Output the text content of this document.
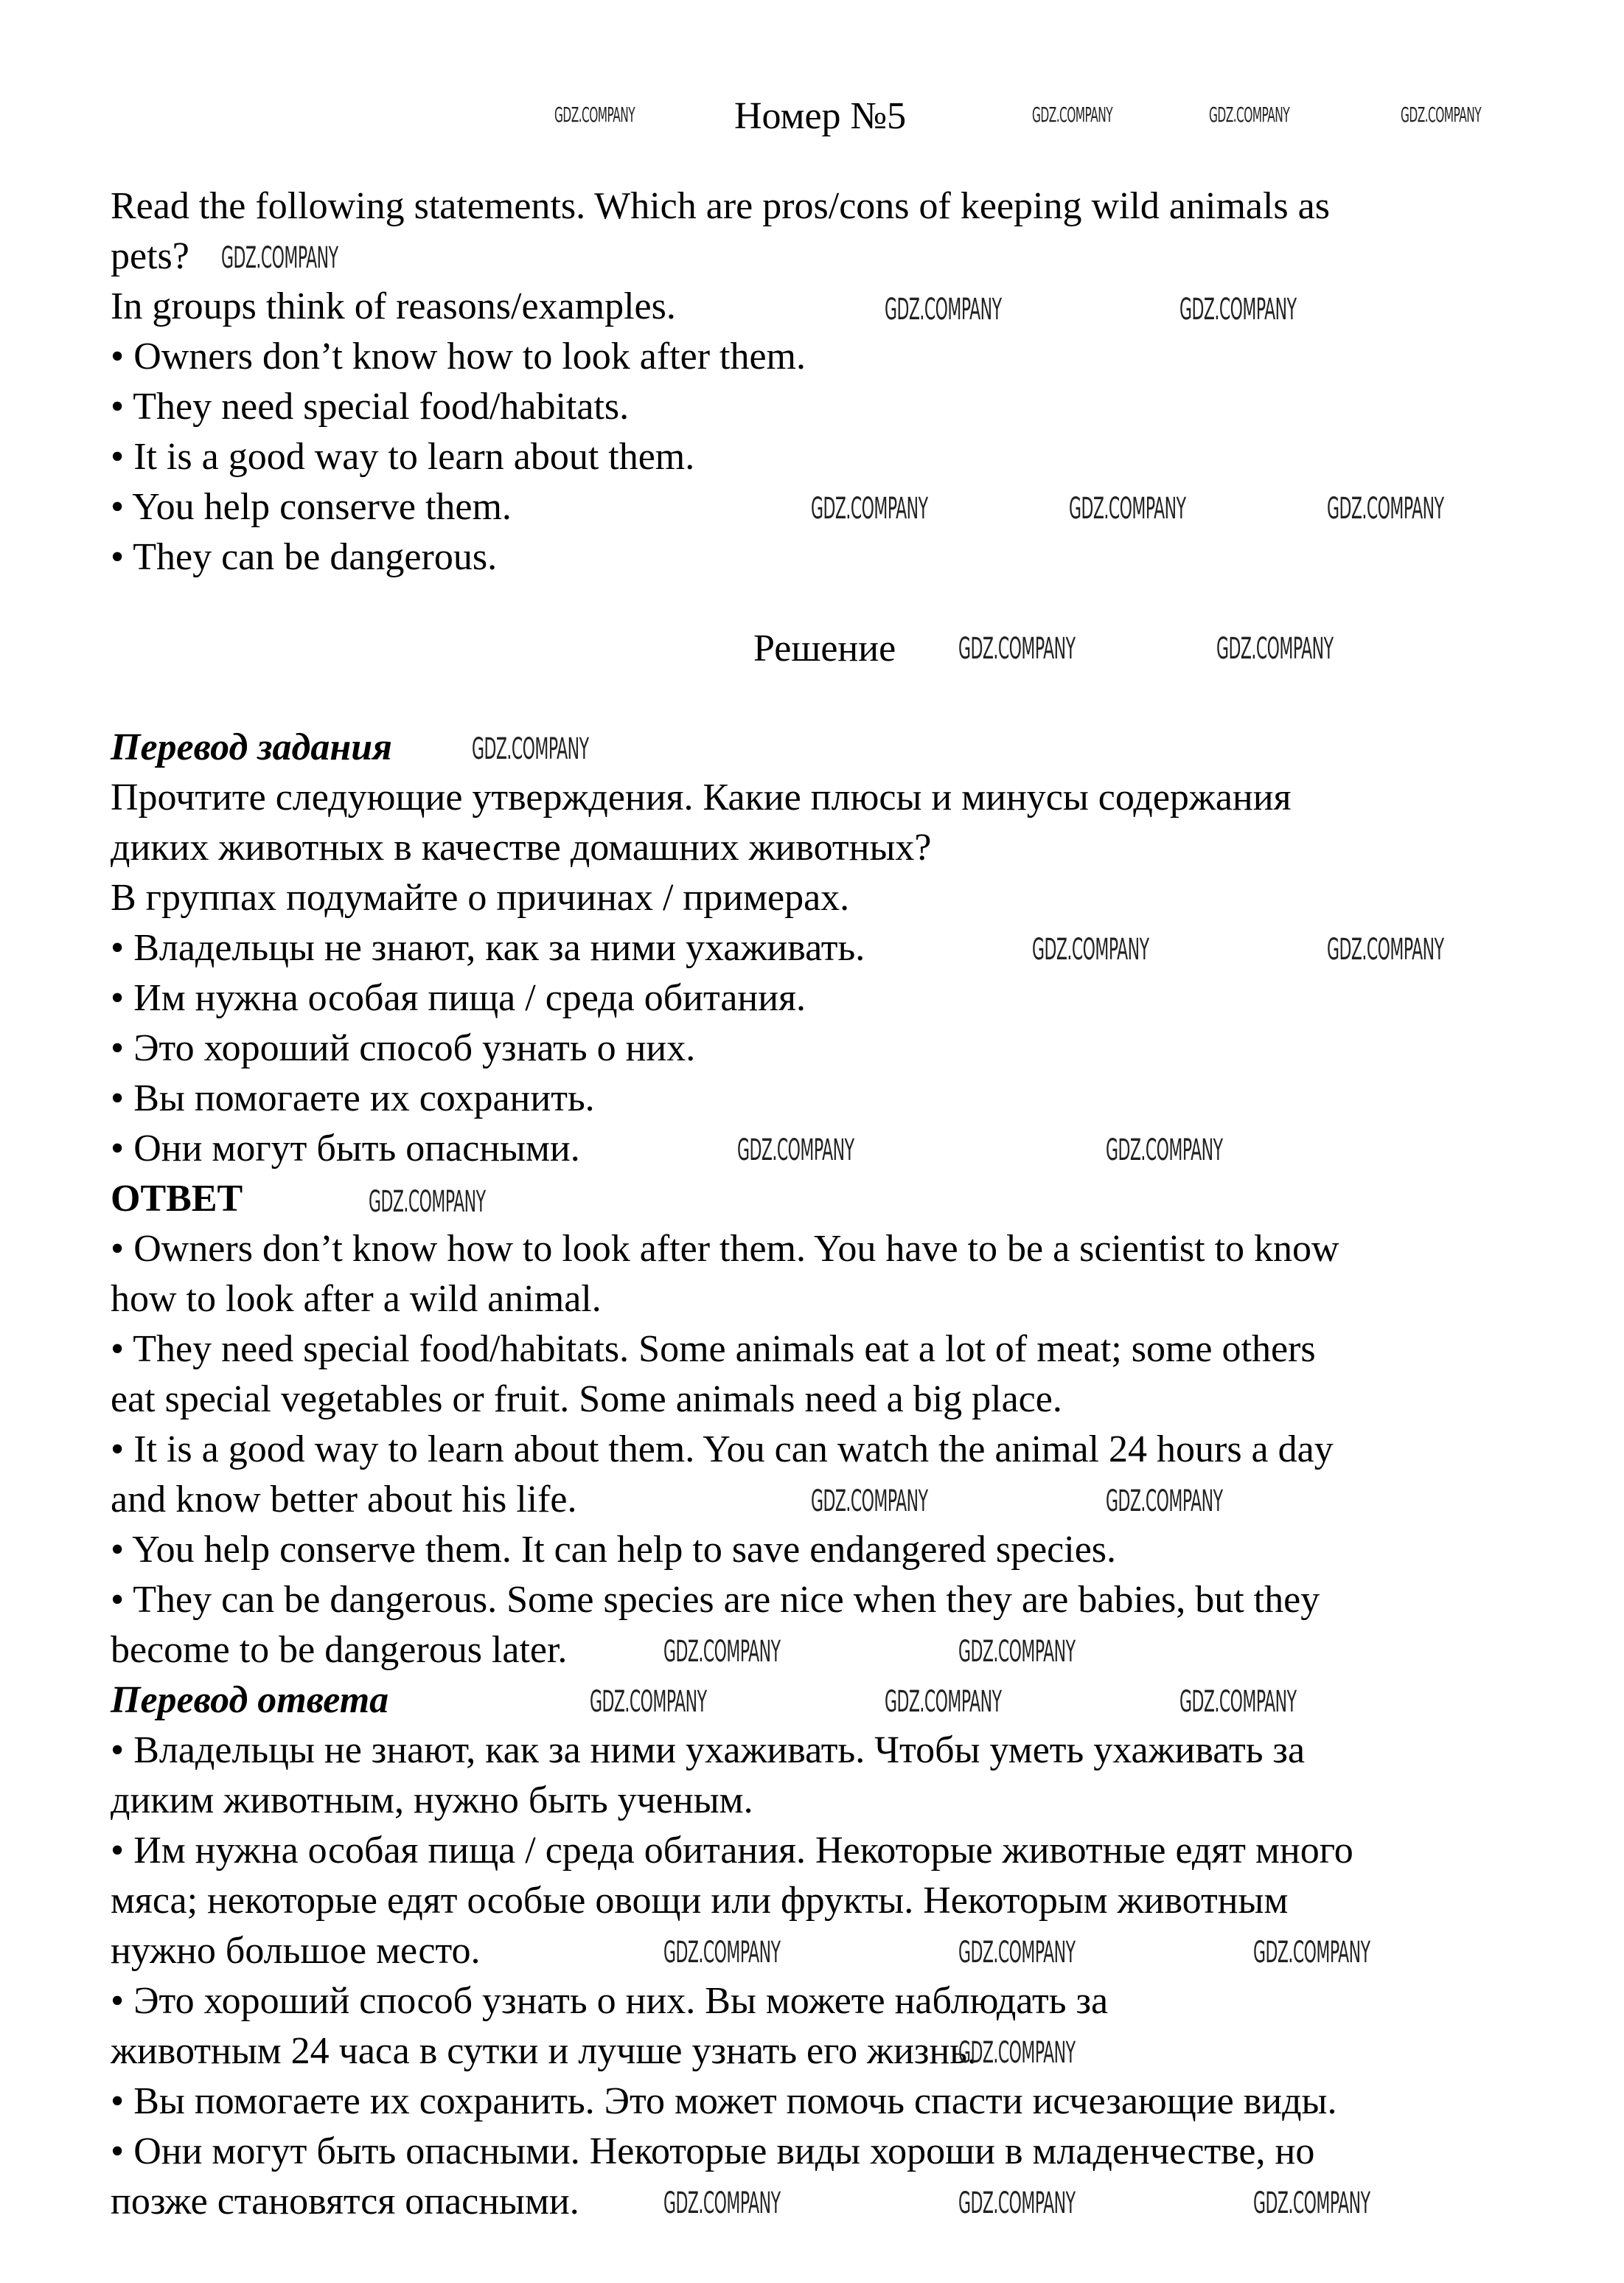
Номер №5
Read the following statements. Which are pros/cons of keeping wild animals as
pets?
In groups think of reasons/examples.
• Owners don’t know how to look after them.
• They need special food/habitats.
• It is a good way to learn about them.
• You help conserve them.
• They can be dangerous.
Решение
Перевод задания
Прочтите следующие утверждения. Какие плюсы и минусы содержания
диких животных в качестве домашних животных?
В группах подумайте о причинах / примерах.
• Владельцы не знают, как за ними ухаживать.
• Им нужна особая пища / среда обитания.
• Это хороший способ узнать о них.
• Вы помогаете их сохранить.
• Они могут быть опасными.
ОТВЕТ
• Owners don’t know how to look after them. You have to be a scientist to know
how to look after a wild animal.
• They need special food/habitats. Some animals eat a lot of meat; some others
eat special vegetables or fruit. Some animals need a big place.
• It is a good way to learn about them. You can watch the animal 24 hours a day
and know better about his life.
• You help conserve them. It can help to save endangered species.
• They can be dangerous. Some species are nice when they are babies, but they
become to be dangerous later.
Перевод ответа
• Владельцы не знают, как за ними ухаживать. Чтобы уметь ухаживать за
диким животным, нужно быть ученым.
• Им нужна особая пища / среда обитания. Некоторые животные едят много
мяса; некоторые едят особые овощи или фрукты. Некоторым животным
нужно большое место.
• Это хороший способ узнать о них. Вы можете наблюдать за
животным 24 часа в сутки и лучше узнать его жизнь.
• Вы помогаете их сохранить. Это может помочь спасти исчезающие виды.
• Они могут быть опасными. Некоторые виды хороши в младенчестве, но
позже становятся опасными.
GDZ.COMPANY	GDZ.COMPANY	GDZ.COMPANY	GDZ.COMPANY
GDZ.COMPANY
GDZ.COMPANY	GDZ.COMPANY
GDZ.COMPANY	GDZ.COMPANY	GDZ.COMPANY
GDZ.COMPANY	GDZ.COMPANY
GDZ.COMPANY
GDZ.COMPANY	GDZ.COMPANY
GDZ.COMPANY	GDZ.COMPANY
GDZ.COMPANY
GDZ.COMPANY	GDZ.COMPANY
GDZ.COMPANY	GDZ.COMPANY
GDZ.COMPANY	GDZ.COMPANY	GDZ.COMPANY
GDZ.COMPANY	GDZ.COMPANY	GDZ.COMPANY
GDZ.COMPANY
GDZ.COMPANY	GDZ.COMPANY	GDZ.COMPANY
